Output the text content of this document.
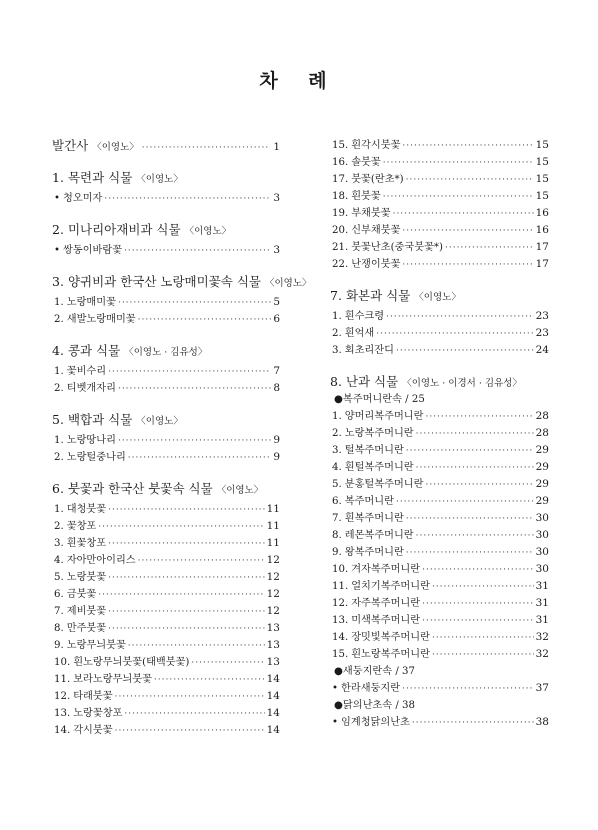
차 례
발간사 〈이영노〉 ·····	1
1. 목련과 식물 〈이영노〉
• 청오미자 ·····	3
2. 미나리아재비과 식물 〈이영노〉
• 쌍동이바람꽃 ·····	3
3. 양귀비과 한국산 노랑매미꽃속 식물 〈이영노〉
1. 노랑매미꽃 ·····	5
2. 새발노랑매미꽃 ·····	6
4. 콩과 식물 〈이영노 · 김유성〉
1. 꽃비수리 ·····	7
2. 티벳개자리 ·····	8
5. 백합과 식물 〈이영노〉
1. 노랑땅나리 ·····	9
2. 노랑털중나리 ·····	9
6. 붓꽃과 한국산 붓꽃속 식물 〈이영노〉
1. 대청붓꽃 ·····	11
2. 꽃창포 ·····	11
3. 흰꽃창포 ·····	11
4. 자아만아이리스 ·····	12
5. 노랑붓꽃 ·····	12
6. 금붓꽃 ·····	12
7. 제비붓꽃 ·····	12
8. 만주붓꽃 ·····	13
9. 노랑무늬붓꽃 ·····	13
10. 흰노랑무늬붓꽃(태백붓꽃) ·····	13
11. 보라노랑무늬붓꽃 ·····	14
12. 타래붓꽃 ·····	14
13. 노랑꽃창포 ·····	14
14. 각시붓꽃 ·····	14
15. 흰각시붓꽃 ·····	15
16. 솔붓꽃 ·····	15
17. 붓꽃(란초*) ·····	15
18. 흰붓꽃 ·····	15
19. 부채붓꽃 ·····	16
20. 신부채붓꽃 ·····	16
21. 붓꽃난초(중국붓꽃*) ·····	17
22. 난쟁이붓꽃 ·····	17
7. 화본과 식물 〈이영노〉
1. 흰수크령 ·····	23
2. 흰억새 ·····	23
3. 회초리잔디 ·····	24
8. 난과 식물 〈이영노 · 이경서 · 김유성〉
●복주머니란속 / 25
1. 양머리복주머니란 ·····	28
2. 노랑복주머니란 ·····	28
3. 털복주머니란 ·····	29
4. 흰털복주머니란 ·····	29
5. 분홍털복주머니란 ·····	29
6. 복주머니란 ·····	29
7. 흰복주머니란 ·····	30
8. 레몬복주머니란 ·····	30
9. 왕복주머니란 ·····	30
10. 겨자복주머니란 ·····	30
11. 얼치기복주머니란 ·····	31
12. 자주복주머니란 ·····	31
13. 미색복주머니란 ·····	31
14. 장밋빛복주머니란 ·····	32
15. 흰노랑복주머니란 ·····	32
●새둥지란속 / 37
• 한라새둥지란 ·····	37
●닭의난초속 / 38
• 임계청닭의난초 ·····	38
